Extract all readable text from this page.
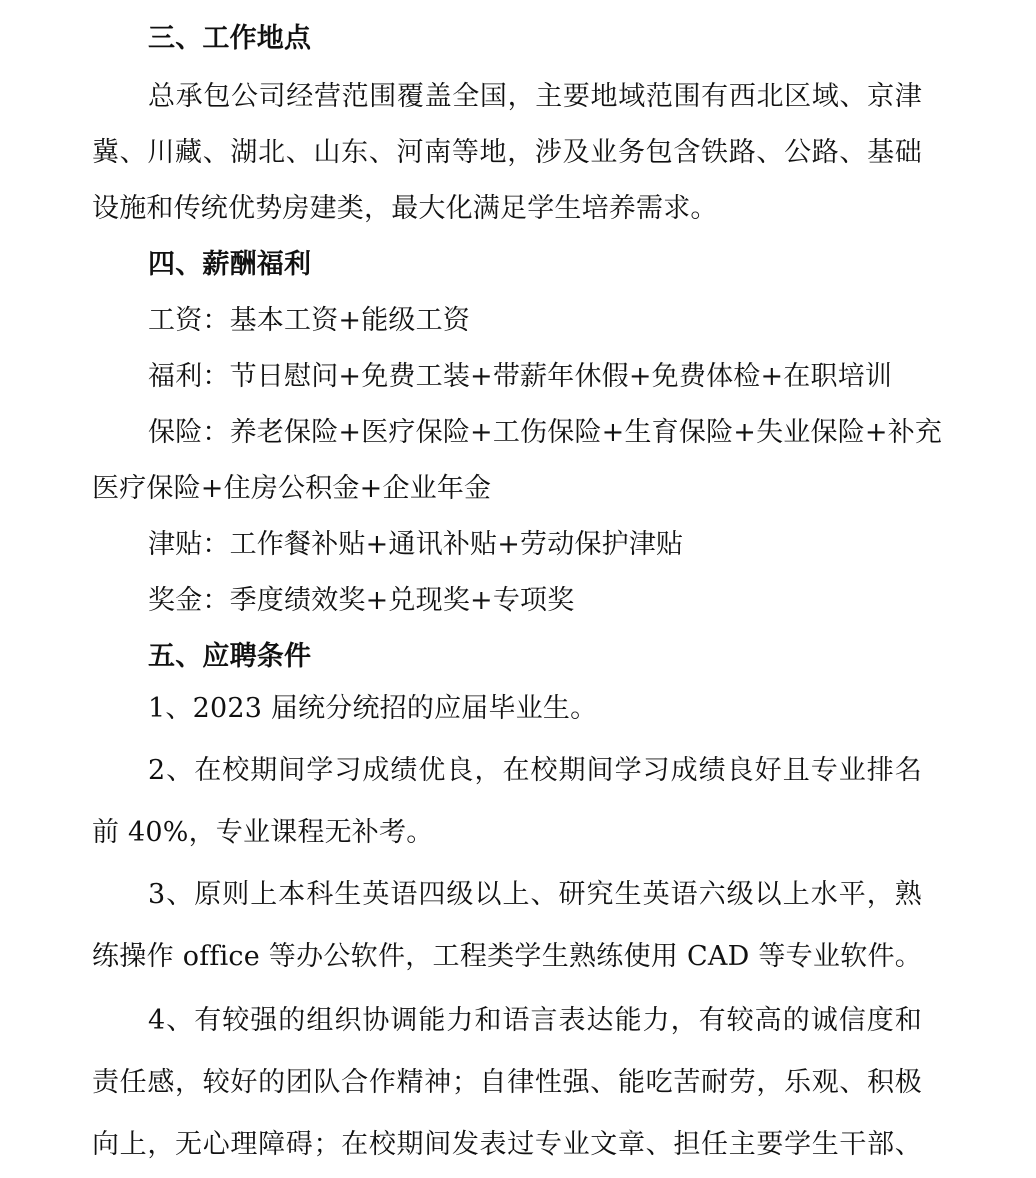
三、工作地点
总承包公司经营范围覆盖全国，主要地域范围有西北区域、京津
冀、川藏、湖北、山东、河南等地，涉及业务包含铁路、公路、基础
设施和传统优势房建类，最大化满足学生培养需求。
四、薪酬福利
工资：基本工资+能级工资
福利：节日慰问+免费工装+带薪年休假+免费体检+在职培训
保险：养老保险+医疗保险+工伤保险+生育保险+失业保险+补充
医疗保险+住房公积金+企业年金
津贴：工作餐补贴+通讯补贴+劳动保护津贴
奖金：季度绩效奖+兑现奖+专项奖
五、应聘条件
1、2023 届统分统招的应届毕业生。
2、在校期间学习成绩优良，在校期间学习成绩良好且专业排名
前 40%，专业课程无补考。
3、原则上本科生英语四级以上、研究生英语六级以上水平，熟
练操作 office 等办公软件，工程类学生熟练使用 CAD 等专业软件。
4、有较强的组织协调能力和语言表达能力，有较高的诚信度和
责任感，较好的团队合作精神；自律性强、能吃苦耐劳，乐观、积极
向上，无心理障碍；在校期间发表过专业文章、担任主要学生干部、
